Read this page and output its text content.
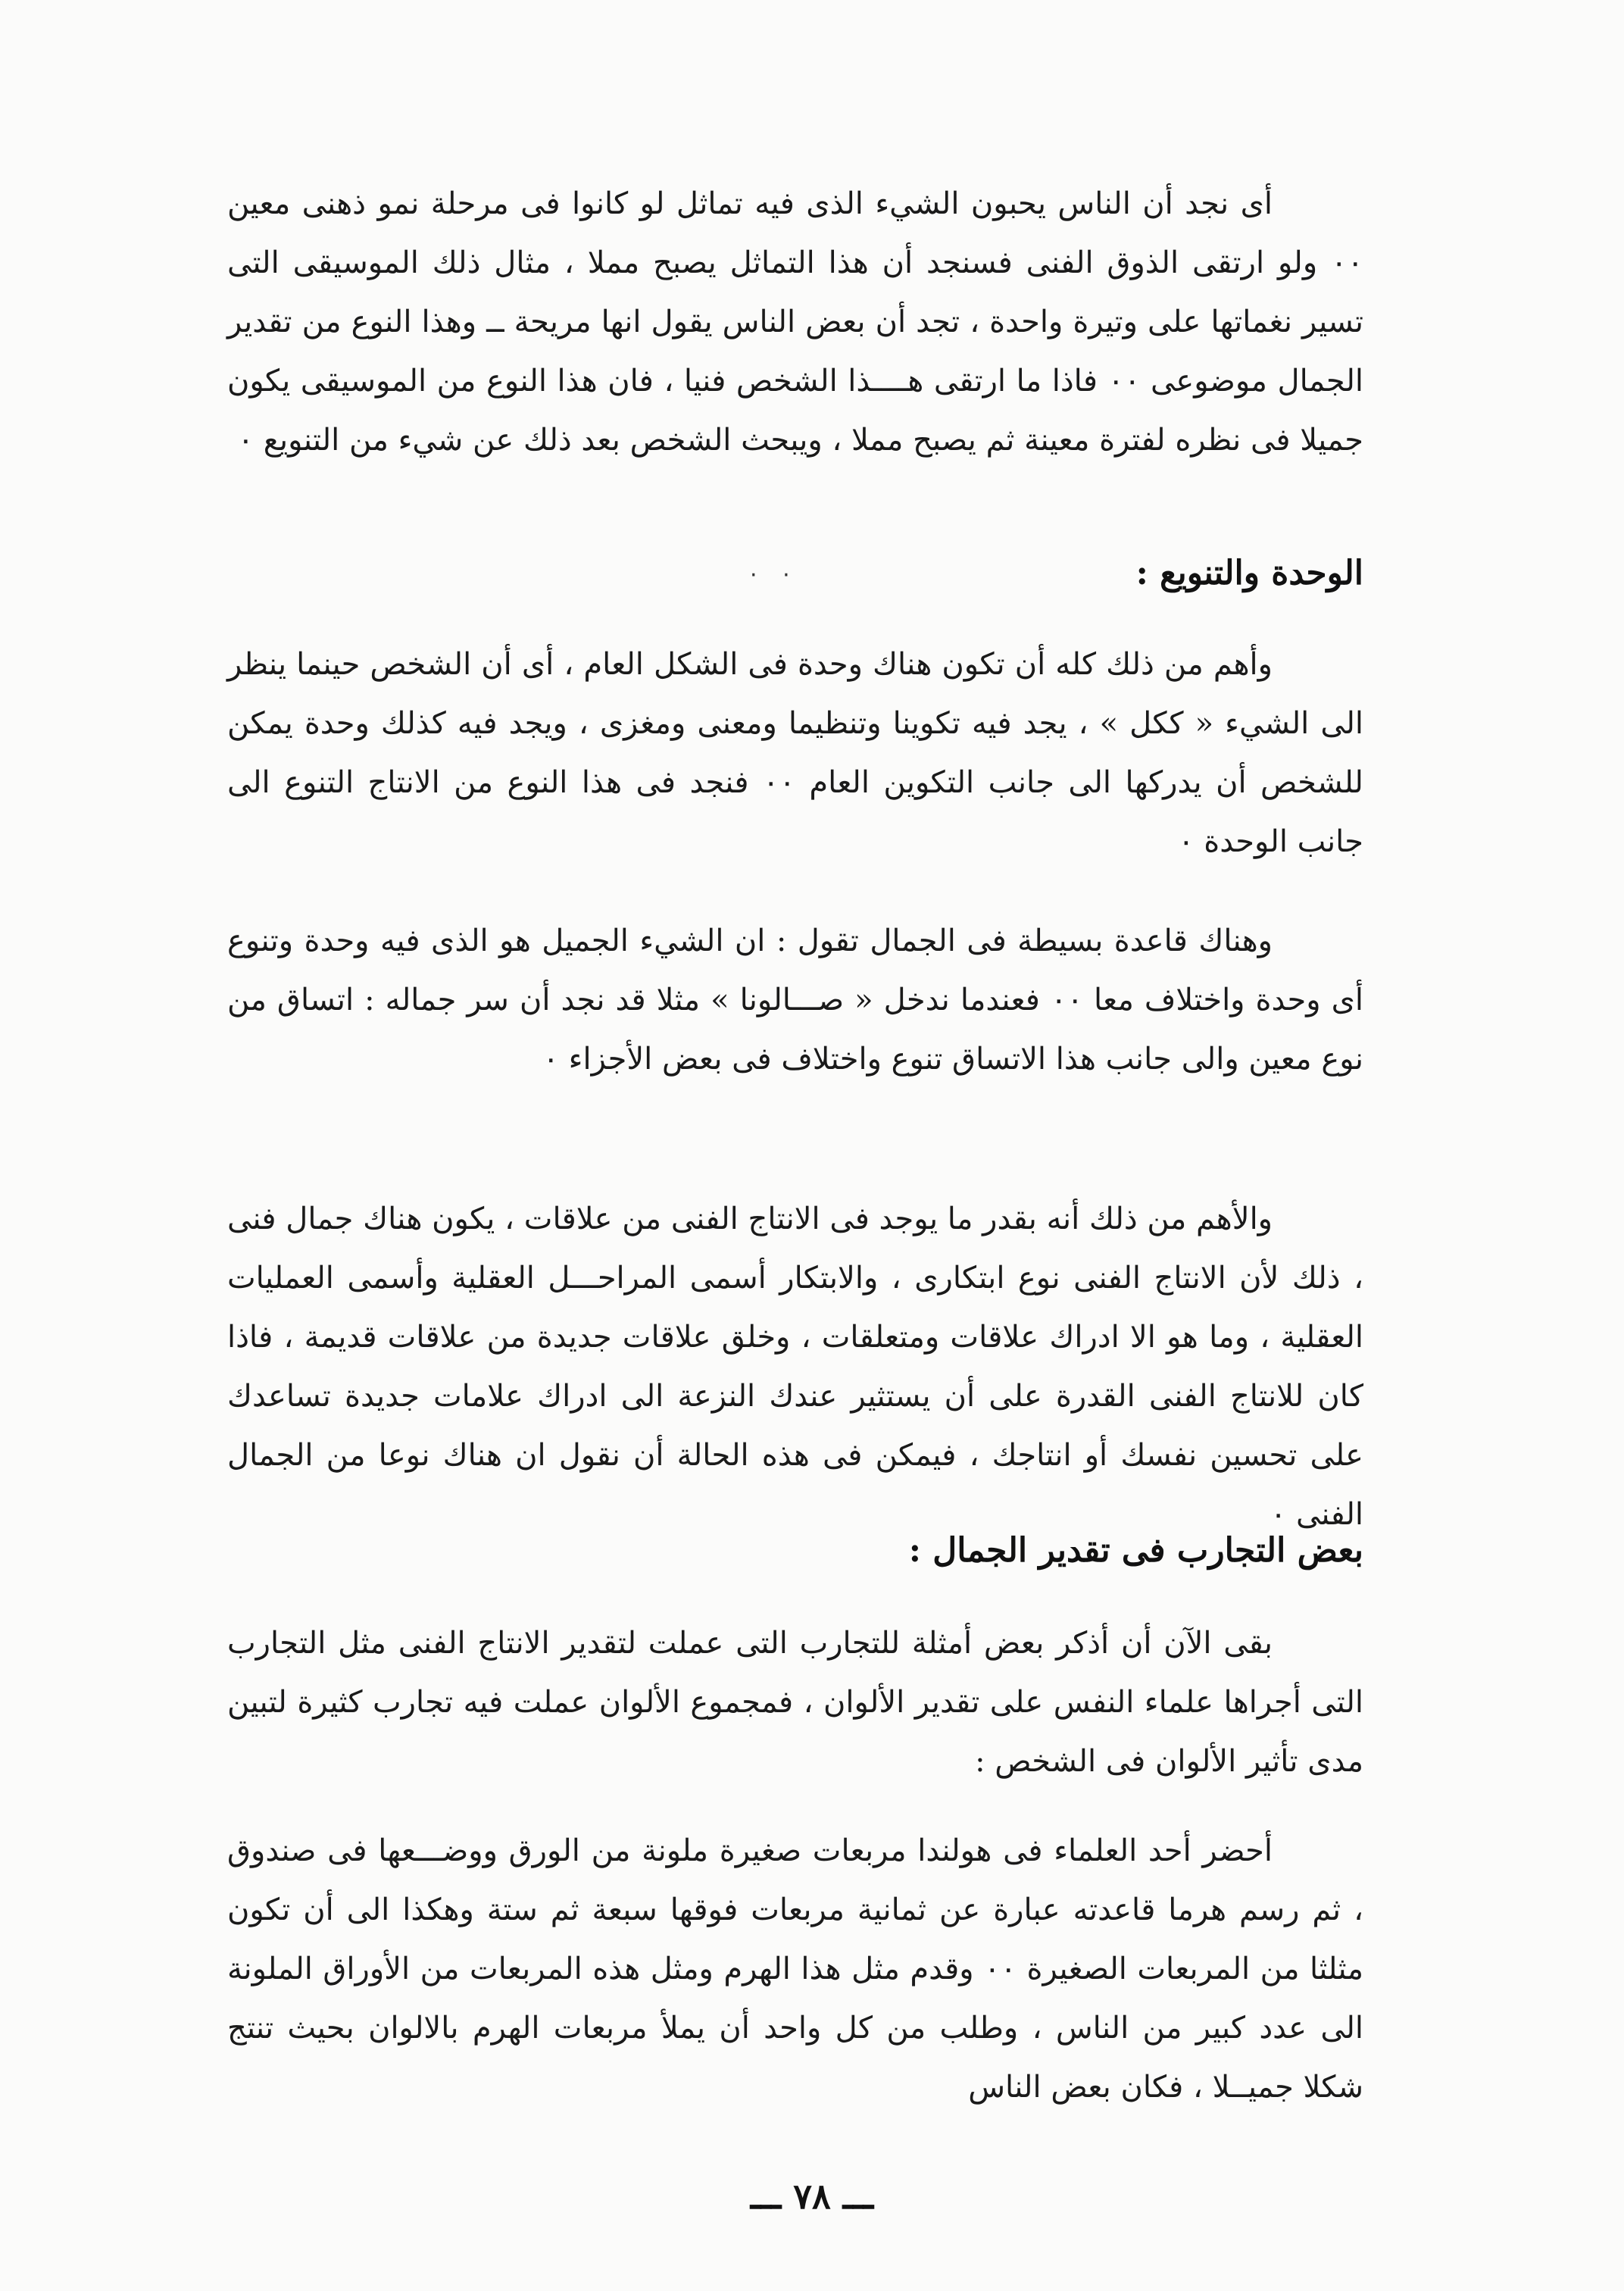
أى نجد أن الناس يحبون الشيء الذى فيه تماثل لو كانوا فى مرحلة نمو ذهنى معين ٠٠ ولو ارتقى الذوق الفنى فسنجد أن هذا التماثل يصبح مملا ، مثال ذلك الموسيقى التى تسير نغماتها على وتيرة واحدة ، تجد أن بعض الناس يقول انها مريحة ــ وهذا النوع من تقدير الجمال موضوعى ٠٠ فاذا ما ارتقى هــــذا الشخص فنيا ، فان هذا النوع من الموسيقى يكون جميلا فى نظره لفترة معينة ثم يصبح مملا ، ويبحث الشخص بعد ذلك عن شيء من التنويع ٠

· ·	الوحدة والتنويع :

وأهم من ذلك كله أن تكون هناك وحدة فى الشكل العام ، أى أن الشخص حينما ينظر الى الشيء « ككل » ، يجد فيه تكوينا وتنظيما ومعنى ومغزى ، ويجد فيه كذلك وحدة يمكن للشخص أن يدركها الى جانب التكوين العام ٠٠ فنجد فى هذا النوع من الانتاج التنوع الى جانب الوحدة ٠

وهناك قاعدة بسيطة فى الجمال تقول : ان الشيء الجميل هو الذى فيه وحدة وتنوع أى وحدة واختلاف معا ٠٠ فعندما ندخل « صـــالونا » مثلا قد نجد أن سر جماله : اتساق من نوع معين والى جانب هذا الاتساق تنوع واختلاف فى بعض الأجزاء ٠

والأهم من ذلك أنه بقدر ما يوجد فى الانتاج الفنى من علاقات ، يكون هناك جمال فنى ، ذلك لأن الانتاج الفنى نوع ابتكارى ، والابتكار أسمى المراحـــل العقلية وأسمى العمليات العقلية ، وما هو الا ادراك علاقات ومتعلقات ، وخلق علاقات جديدة من علاقات قديمة ، فاذا كان للانتاج الفنى القدرة على أن يستثير عندك النزعة الى ادراك علامات جديدة تساعدك على تحسين نفسك أو انتاجك ، فيمكن فى هذه الحالة أن نقول ان هناك نوعا من الجمال الفنى ٠

بعض التجارب فى تقدير الجمال :

بقى الآن أن أذكر بعض أمثلة للتجارب التى عملت لتقدير الانتاج الفنى مثل التجارب التى أجراها علماء النفس على تقدير الألوان ، فمجموع الألوان عملت فيه تجارب كثيرة لتبين مدى تأثير الألوان فى الشخص :

أحضر أحد العلماء فى هولندا مربعات صغيرة ملونة من الورق ووضـــعها فى صندوق ، ثم رسم هرما قاعدته عبارة عن ثمانية مربعات فوقها سبعة ثم ستة وهكذا الى أن تكون مثلثا من المربعات الصغيرة ٠٠ وقدم مثل هذا الهرم ومثل هذه المربعات من الأوراق الملونة الى عدد كبير من الناس ، وطلب من كل واحد أن يملأ مربعات الهرم بالالوان بحيث تنتج شكلا جميــلا ، فكان بعض الناس

ـــ ٧٨ ـــ
